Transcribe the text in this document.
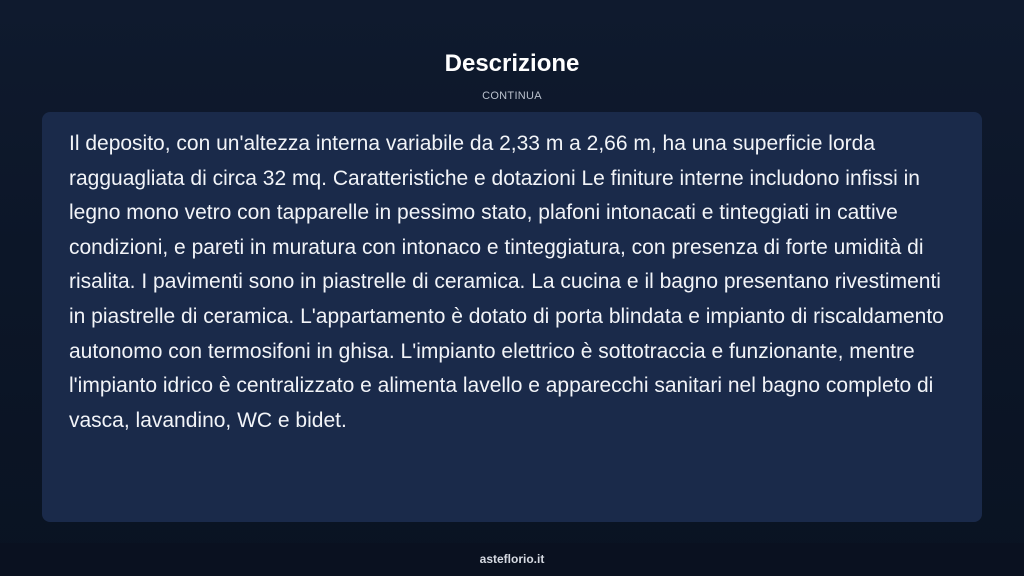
Descrizione
CONTINUA

Il deposito, con un'altezza interna variabile da 2,33 m a 2,66 m, ha una superficie lorda ragguagliata di circa 32 mq. Caratteristiche e dotazioni Le finiture interne includono infissi in legno mono vetro con tapparelle in pessimo stato, plafoni intonacati e tinteggiati in cattive condizioni, e pareti in muratura con intonaco e tinteggiatura, con presenza di forte umidità di risalita. I pavimenti sono in piastrelle di ceramica. La cucina e il bagno presentano rivestimenti in piastrelle di ceramica. L'appartamento è dotato di porta blindata e impianto di riscaldamento autonomo con termosifoni in ghisa. L'impianto elettrico è sottotraccia e funzionante, mentre l'impianto idrico è centralizzato e alimenta lavello e apparecchi sanitari nel bagno completo di vasca, lavandino, WC e bidet.

asteflorio.it
